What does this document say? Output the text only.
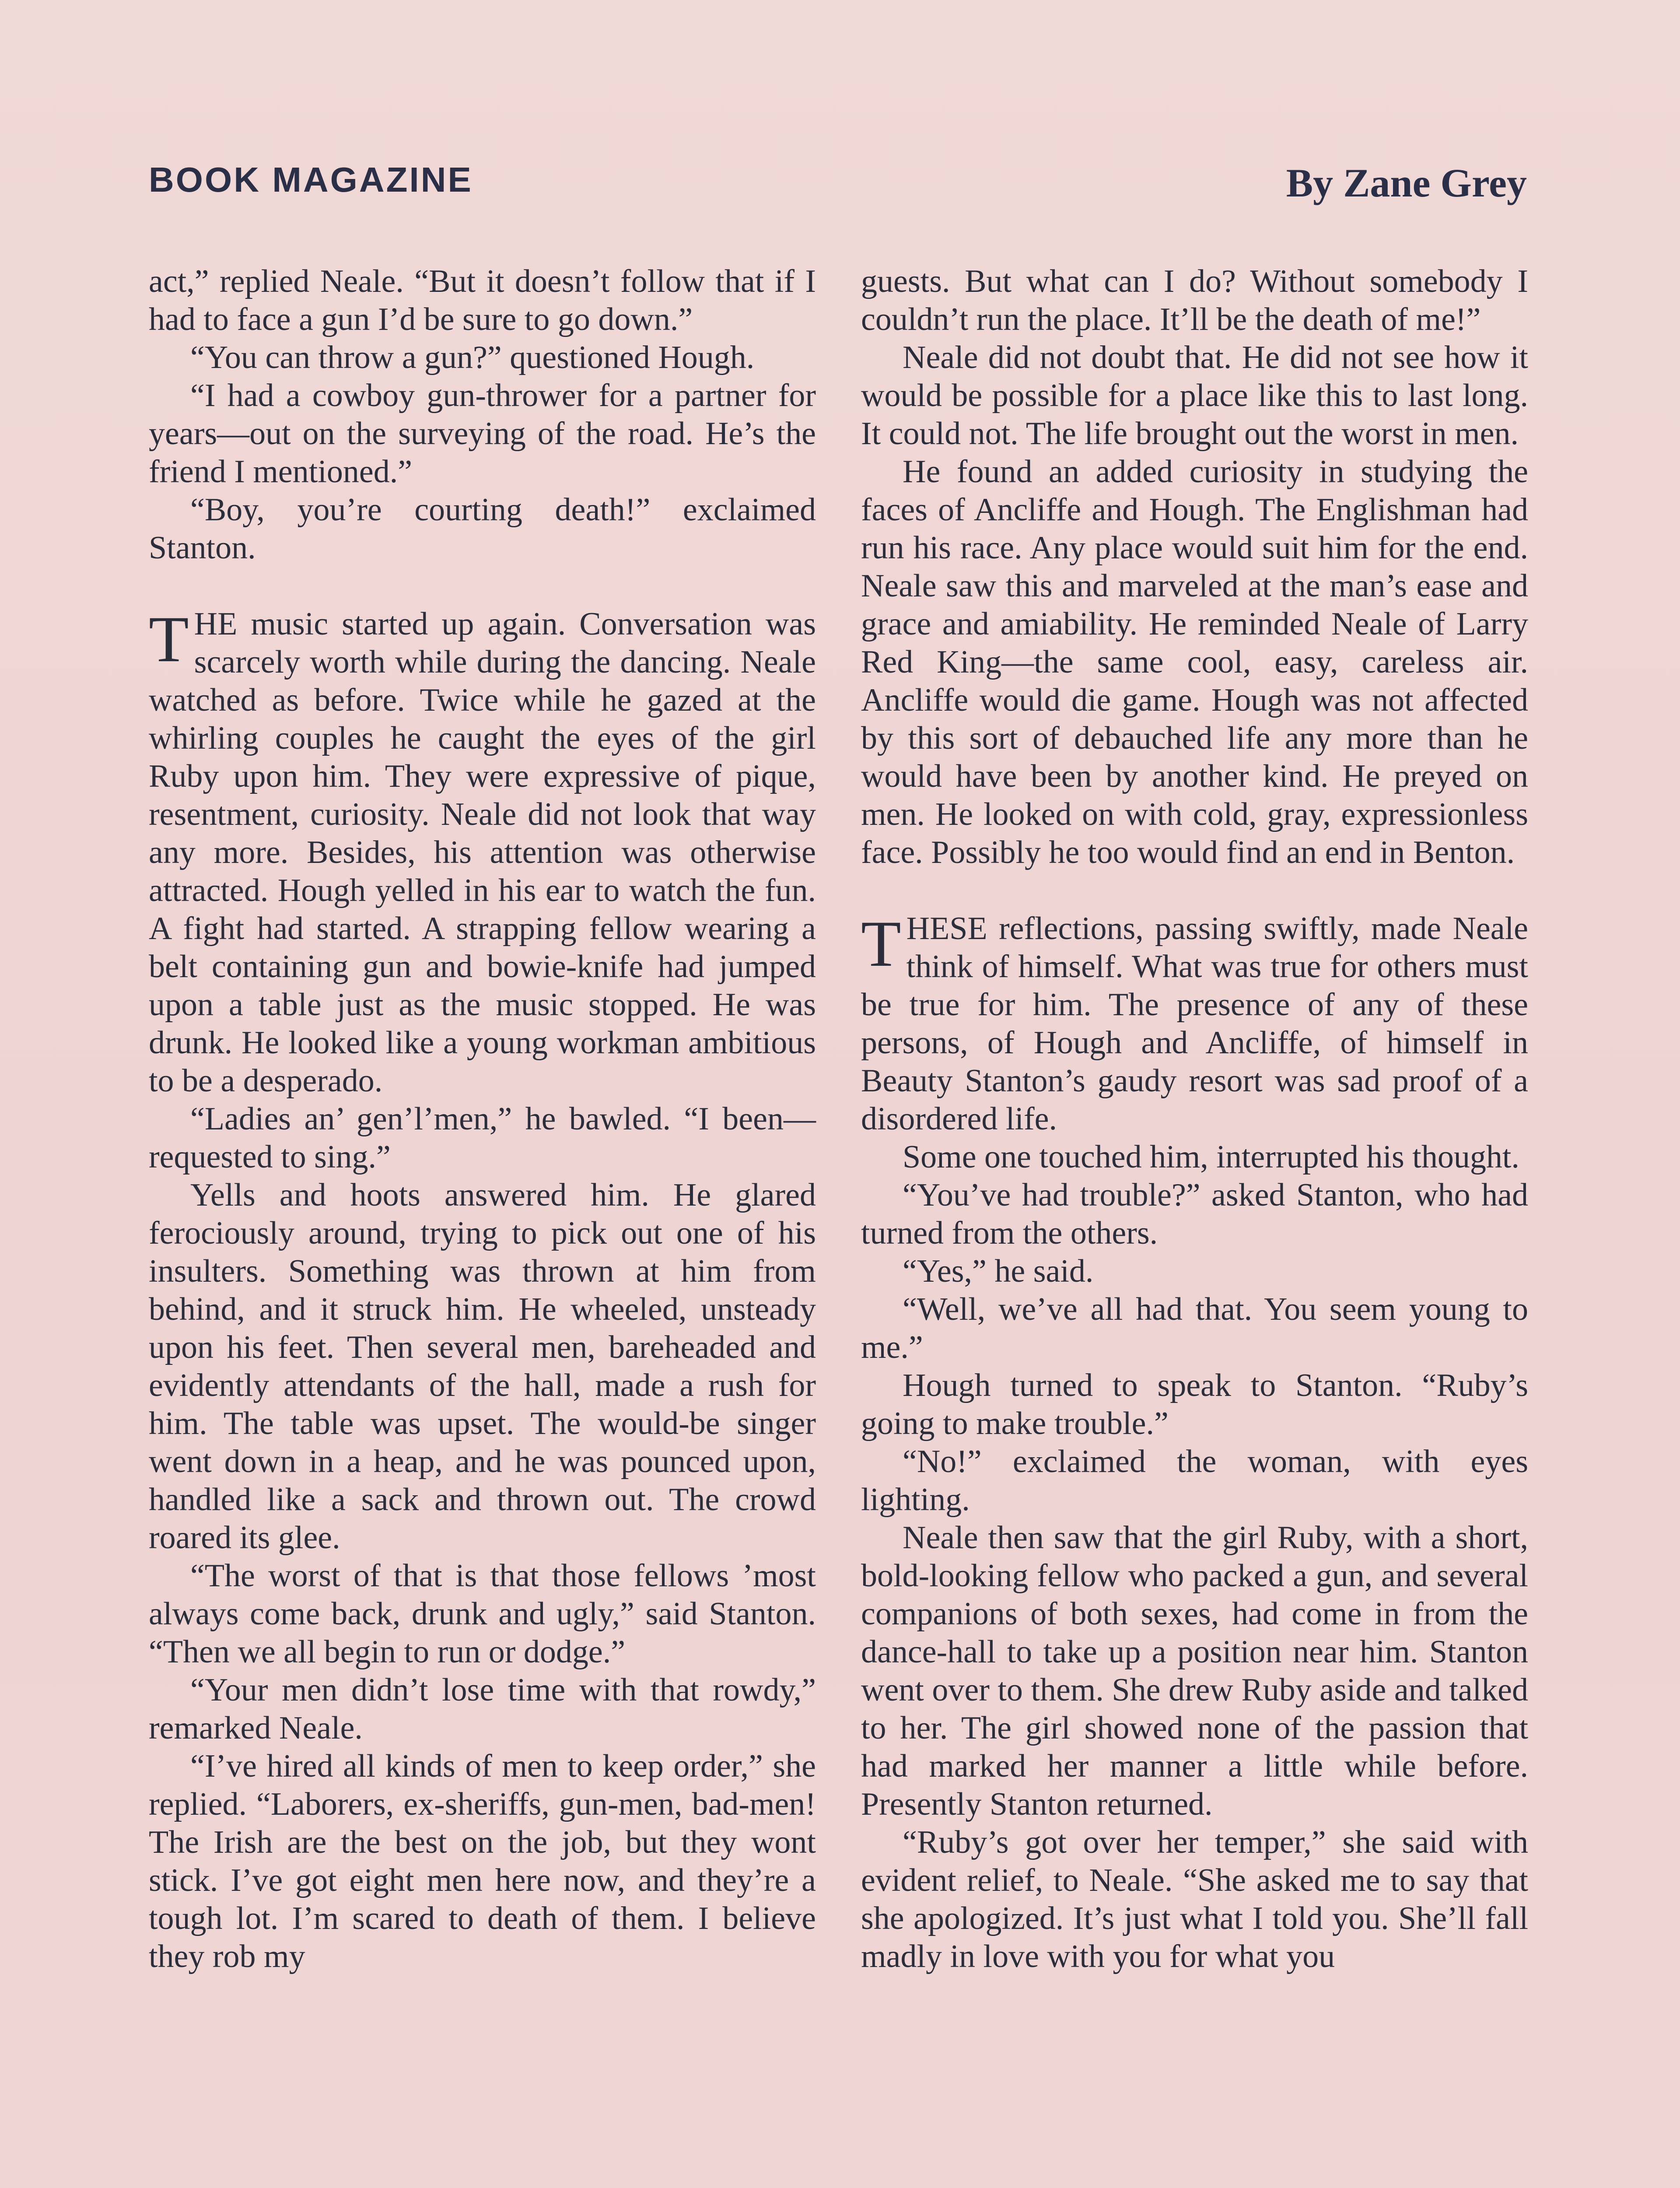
BOOK MAGAZINE	By Zane Grey

act,” replied Neale. “But it doesn’t follow that if I had to face a gun I’d be sure to go down.”

“You can throw a gun?” questioned Hough.

“I had a cowboy gun-thrower for a partner for years—out on the surveying of the road. He’s the friend I mentioned.”

“Boy, you’re courting death!” exclaimed Stanton.

THE music started up again. Conversation was scarcely worth while during the dancing. Neale watched as before. Twice while he gazed at the whirling couples he caught the eyes of the girl Ruby upon him. They were expressive of pique, resentment, curiosity. Neale did not look that way any more. Besides, his attention was otherwise attracted. Hough yelled in his ear to watch the fun. A fight had started. A strapping fellow wearing a belt containing gun and bowie-knife had jumped upon a table just as the music stopped. He was drunk. He looked like a young workman ambitious to be a desperado.

“Ladies an’ gen’l’men,” he bawled. “I been—requested to sing.”

Yells and hoots answered him. He glared ferociously around, trying to pick out one of his insulters. Something was thrown at him from behind, and it struck him. He wheeled, unsteady upon his feet. Then several men, bareheaded and evidently attendants of the hall, made a rush for him. The table was upset. The would-be singer went down in a heap, and he was pounced upon, handled like a sack and thrown out. The crowd roared its glee.

“The worst of that is that those fellows ’most always come back, drunk and ugly,” said Stanton. “Then we all begin to run or dodge.”

“Your men didn’t lose time with that rowdy,” remarked Neale.

“I’ve hired all kinds of men to keep order,” she replied. “Laborers, ex-sheriffs, gun-men, bad-men! The Irish are the best on the job, but they wont stick. I’ve got eight men here now, and they’re a tough lot. I’m scared to death of them. I believe they rob my

guests. But what can I do? Without somebody I couldn’t run the place. It’ll be the death of me!”

Neale did not doubt that. He did not see how it would be possible for a place like this to last long. It could not. The life brought out the worst in men.

He found an added curiosity in studying the faces of Ancliffe and Hough. The Englishman had run his race. Any place would suit him for the end. Neale saw this and marveled at the man’s ease and grace and amiability. He reminded Neale of Larry Red King—the same cool, easy, careless air. Ancliffe would die game. Hough was not affected by this sort of debauched life any more than he would have been by another kind. He preyed on men. He looked on with cold, gray, expressionless face. Possibly he too would find an end in Benton.

THESE reflections, passing swiftly, made Neale think of himself. What was true for others must be true for him. The presence of any of these persons, of Hough and Ancliffe, of himself in Beauty Stanton’s gaudy resort was sad proof of a disordered life.

Some one touched him, interrupted his thought.

“You’ve had trouble?” asked Stanton, who had turned from the others.

“Yes,” he said.

“Well, we’ve all had that. You seem young to me.”

Hough turned to speak to Stanton. “Ruby’s going to make trouble.”

“No!” exclaimed the woman, with eyes lighting.

Neale then saw that the girl Ruby, with a short, bold-looking fellow who packed a gun, and several companions of both sexes, had come in from the dance-hall to take up a position near him. Stanton went over to them. She drew Ruby aside and talked to her. The girl showed none of the passion that had marked her manner a little while before. Presently Stanton returned.

“Ruby’s got over her temper,” she said with evident relief, to Neale. “She asked me to say that she apologized. It’s just what I told you. She’ll fall madly in love with you for what you
